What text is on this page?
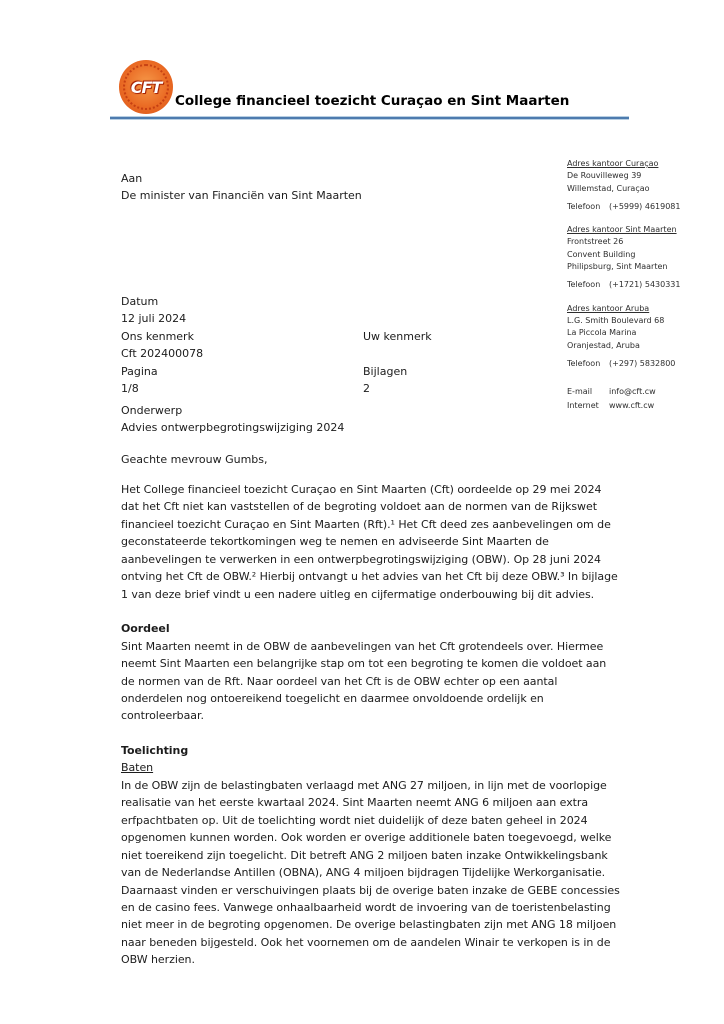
CFT
College financieel toezicht Curaçao en Sint Maarten
Aan
De minister van Financiën van Sint Maarten
Adres kantoor Curaçao
De Rouvilleweg 39
Willemstad, Curaçao
Telefoon	(+5999) 4619081
Adres kantoor Sint Maarten
Frontstreet 26
Convent Building
Philipsburg, Sint Maarten
Telefoon	(+1721) 5430331
Adres kantoor Aruba
L.G. Smith Boulevard 68
La Piccola Marina
Oranjestad, Aruba
Telefoon	(+297) 5832800
E-mail	info@cft.cw
Internet	www.cft.cw
Datum
12 juli 2024
Ons kenmerk	Uw kenmerk
Cft 202400078
Pagina	Bijlagen
1/8	2
Onderwerp
Advies ontwerpbegrotingswijziging 2024
Geachte mevrouw Gumbs,

Het College financieel toezicht Curaçao en Sint Maarten (Cft) oordeelde op 29 mei 2024 dat het Cft niet kan vaststellen of de begroting voldoet aan de normen van de Rijkswet financieel toezicht Curaçao en Sint Maarten (Rft).¹ Het Cft deed zes aanbevelingen om de geconstateerde tekortkomingen weg te nemen en adviseerde Sint Maarten de aanbevelingen te verwerken in een ontwerpbegrotingswijziging (OBW). Op 28 juni 2024 ontving het Cft de OBW.² Hierbij ontvangt u het advies van het Cft bij deze OBW.³ In bijlage 1 van deze brief vindt u een nadere uitleg en cijfermatige onderbouwing bij dit advies.

Oordeel

Sint Maarten neemt in de OBW de aanbevelingen van het Cft grotendeels over. Hiermee neemt Sint Maarten een belangrijke stap om tot een begroting te komen die voldoet aan de normen van de Rft. Naar oordeel van het Cft is de OBW echter op een aantal onderdelen nog ontoereikend toegelicht en daarmee onvoldoende ordelijk en controleerbaar.

Toelichting
Baten

In de OBW zijn de belastingbaten verlaagd met ANG 27 miljoen, in lijn met de voorlopige realisatie van het eerste kwartaal 2024. Sint Maarten neemt ANG 6 miljoen aan extra erfpachtbaten op. Uit de toelichting wordt niet duidelijk of deze baten geheel in 2024 opgenomen kunnen worden. Ook worden er overige additionele baten toegevoegd, welke niet toereikend zijn toegelicht. Dit betreft ANG 2 miljoen baten inzake Ontwikkelingsbank van de Nederlandse Antillen (OBNA), ANG 4 miljoen bijdragen Tijdelijke Werkorganisatie. Daarnaast vinden er verschuivingen plaats bij de overige baten inzake de GEBE concessies en de casino fees. Vanwege onhaalbaarheid wordt de invoering van de toeristenbelasting niet meer in de begroting opgenomen. De overige belastingbaten zijn met ANG 18 miljoen naar beneden bijgesteld. Ook het voornemen om de aandelen Winair te verkopen is in de OBW herzien.
